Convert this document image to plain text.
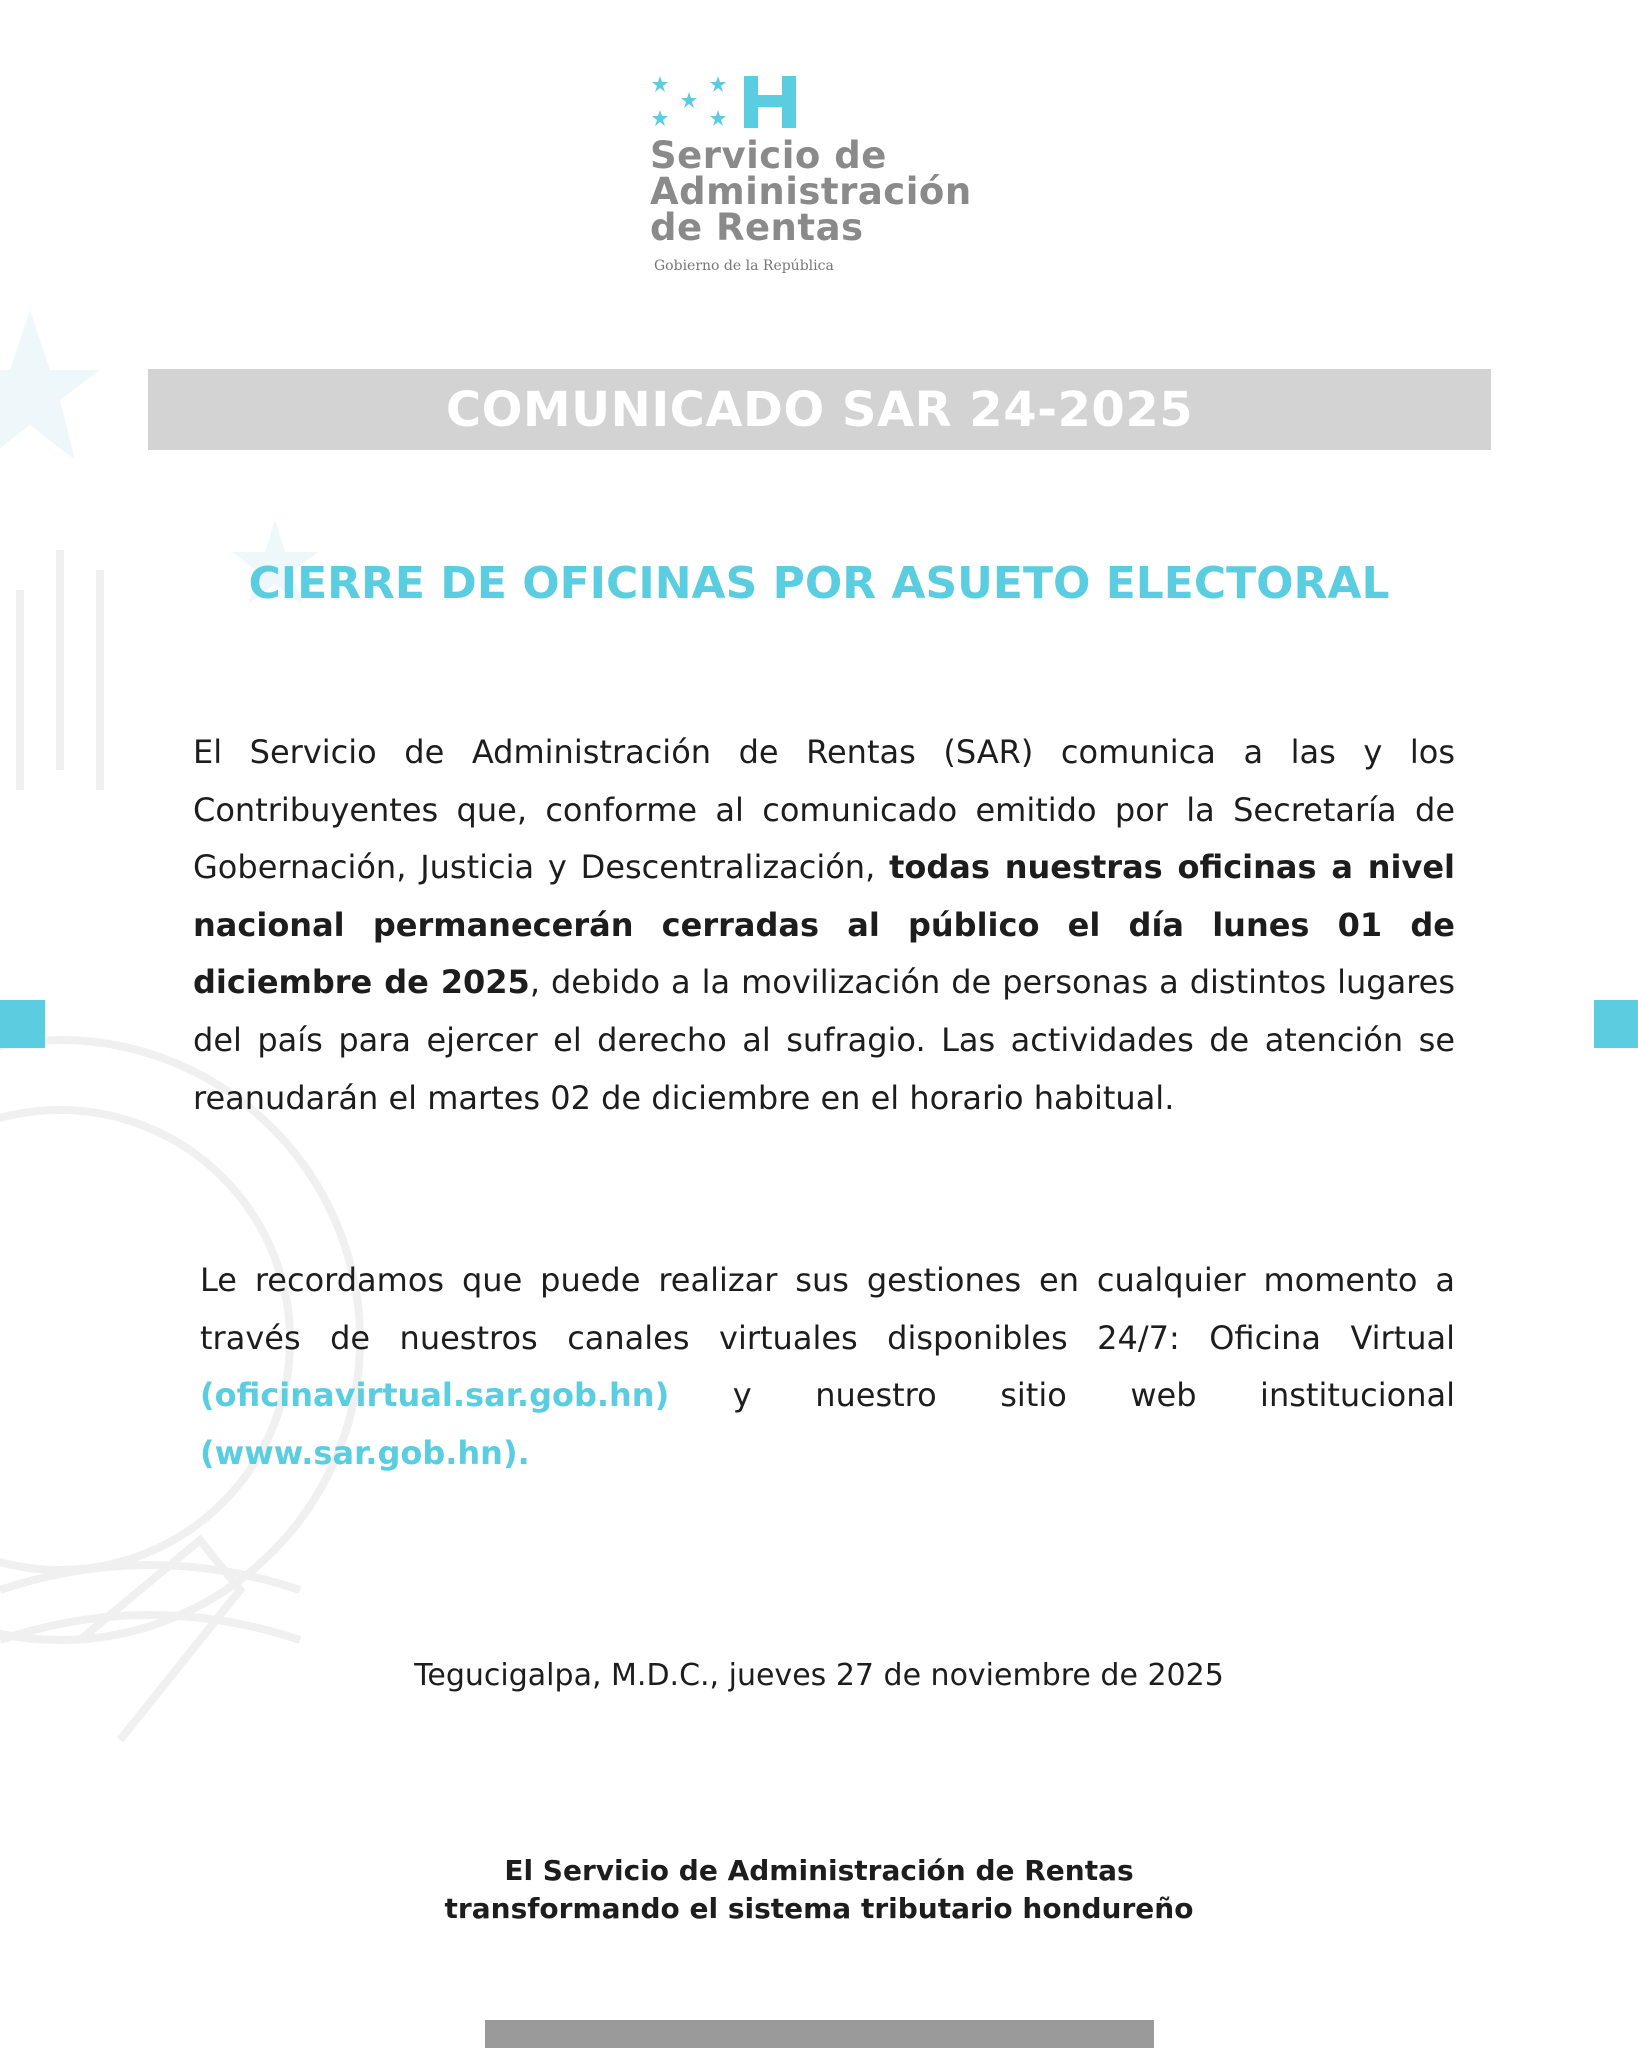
Servicio de
Administración
de Rentas
Gobierno de la República
COMUNICADO SAR 24-2025
CIERRE DE OFICINAS POR ASUETO ELECTORAL
El Servicio de Administración de Rentas (SAR) comunica a las y los Contribuyentes que, conforme al comunicado emitido por la Secretaría de Gobernación, Justicia y Descentralización, todas nuestras oficinas a nivel nacional permanecerán cerradas al público el día lunes 01 de diciembre de 2025, debido a la movilización de personas a distintos lugares del país para ejercer el derecho al sufragio. Las actividades de atención se reanudarán el martes 02 de diciembre en el horario habitual.
Le recordamos que puede realizar sus gestiones en cualquier momento a través de nuestros canales virtuales disponibles 24/7: Oficina Virtual (oficinavirtual.sar.gob.hn) y nuestro sitio web institucional (www.sar.gob.hn).
Tegucigalpa, M.D.C., jueves 27 de noviembre de 2025
El Servicio de Administración de Rentas
transformando el sistema tributario hondureño
